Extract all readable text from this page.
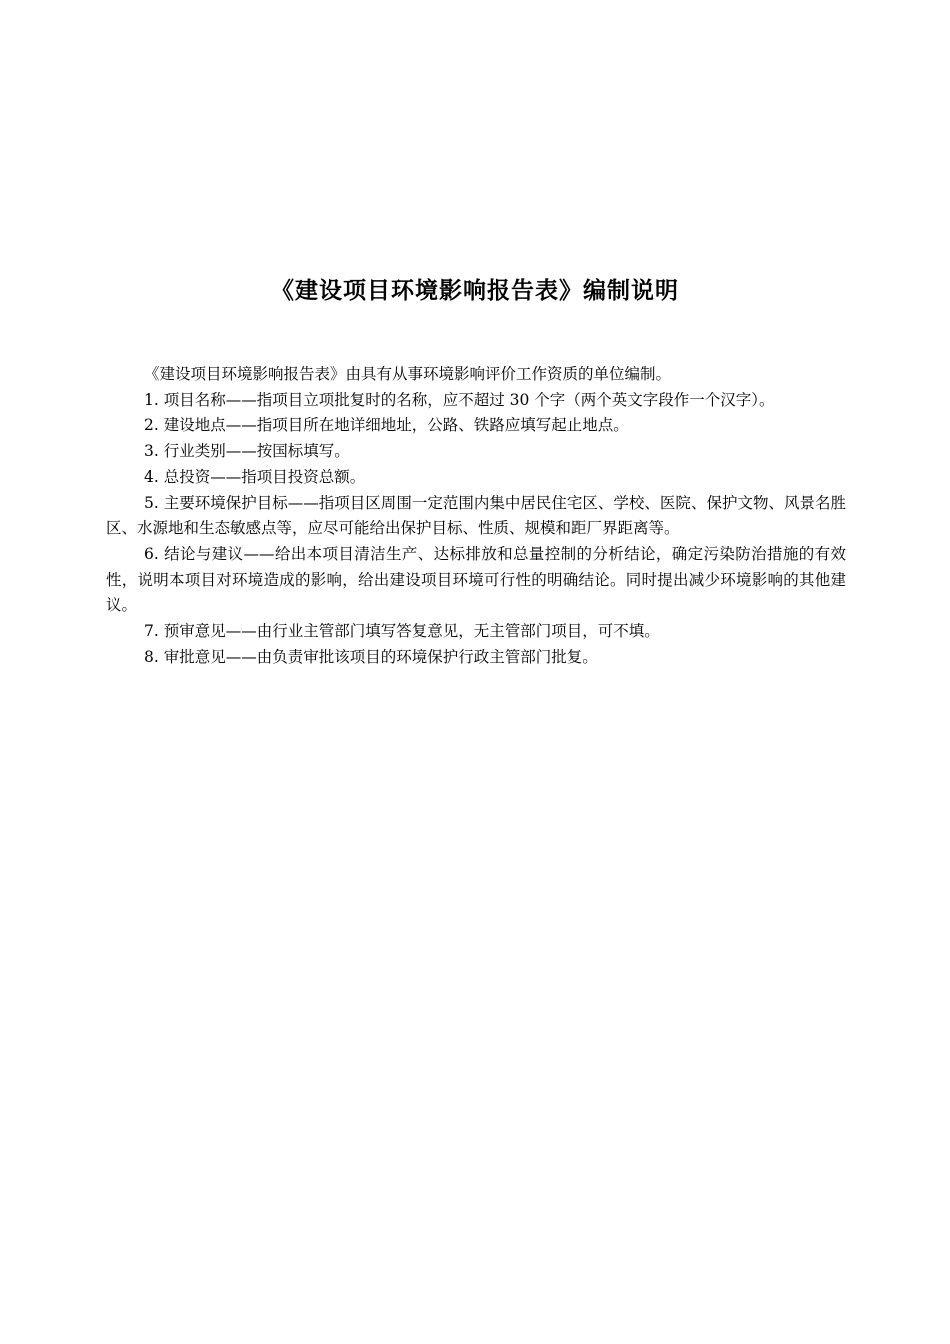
《建设项目环境影响报告表》编制说明

《建设项目环境影响报告表》由具有从事环境影响评价工作资质的单位编制。

1. 项目名称——指项目立项批复时的名称，应不超过 30 个字（两个英文字段作一个汉字）。

2. 建设地点——指项目所在地详细地址，公路、铁路应填写起止地点。

3. 行业类别——按国标填写。

4. 总投资——指项目投资总额。

5. 主要环境保护目标——指项目区周围一定范围内集中居民住宅区、学校、医院、保护文物、风景名胜区、水源地和生态敏感点等，应尽可能给出保护目标、性质、规模和距厂界距离等。

6. 结论与建议——给出本项目清洁生产、达标排放和总量控制的分析结论，确定污染防治措施的有效性，说明本项目对环境造成的影响，给出建设项目环境可行性的明确结论。同时提出减少环境影响的其他建议。

7. 预审意见——由行业主管部门填写答复意见，无主管部门项目，可不填。

8. 审批意见——由负责审批该项目的环境保护行政主管部门批复。
